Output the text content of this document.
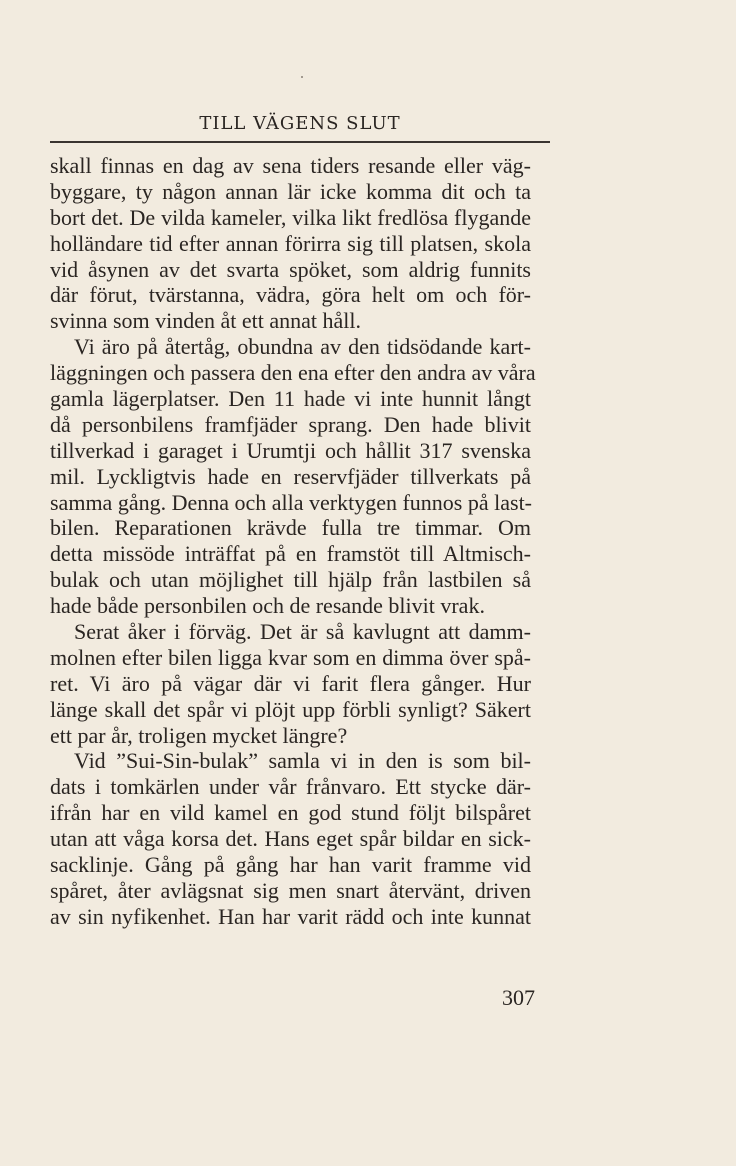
TILL VÄGENS SLUT
skall finnas en dag av sena tiders resande eller väg-
byggare, ty någon annan lär icke komma dit och ta
bort det. De vilda kameler, vilka likt fredlösa flygande
holländare tid efter annan förirra sig till platsen, skola
vid åsynen av det svarta spöket, som aldrig funnits
där förut, tvärstanna, vädra, göra helt om och för-
svinna som vinden åt ett annat håll.
Vi äro på återtåg, obundna av den tidsödande kart-
läggningen och passera den ena efter den andra av våra
gamla lägerplatser. Den 11 hade vi inte hunnit långt
då personbilens framfjäder sprang. Den hade blivit
tillverkad i garaget i Urumtji och hållit 317 svenska
mil. Lyckligtvis hade en reservfjäder tillverkats på
samma gång. Denna och alla verktygen funnos på last-
bilen. Reparationen krävde fulla tre timmar. Om
detta missöde inträffat på en framstöt till Altmisch-
bulak och utan möjlighet till hjälp från lastbilen så
hade både personbilen och de resande blivit vrak.
Serat åker i förväg. Det är så kavlugnt att damm-
molnen efter bilen ligga kvar som en dimma över spå-
ret. Vi äro på vägar där vi farit flera gånger. Hur
länge skall det spår vi plöjt upp förbli synligt? Säkert
ett par år, troligen mycket längre?
Vid ”Sui-Sin-bulak” samla vi in den is som bil-
dats i tomkärlen under vår frånvaro. Ett stycke där-
ifrån har en vild kamel en god stund följt bilspåret
utan att våga korsa det. Hans eget spår bildar en sick-
sacklinje. Gång på gång har han varit framme vid
spåret, åter avlägsnat sig men snart återvänt, driven
av sin nyfikenhet. Han har varit rädd och inte kunnat
307
